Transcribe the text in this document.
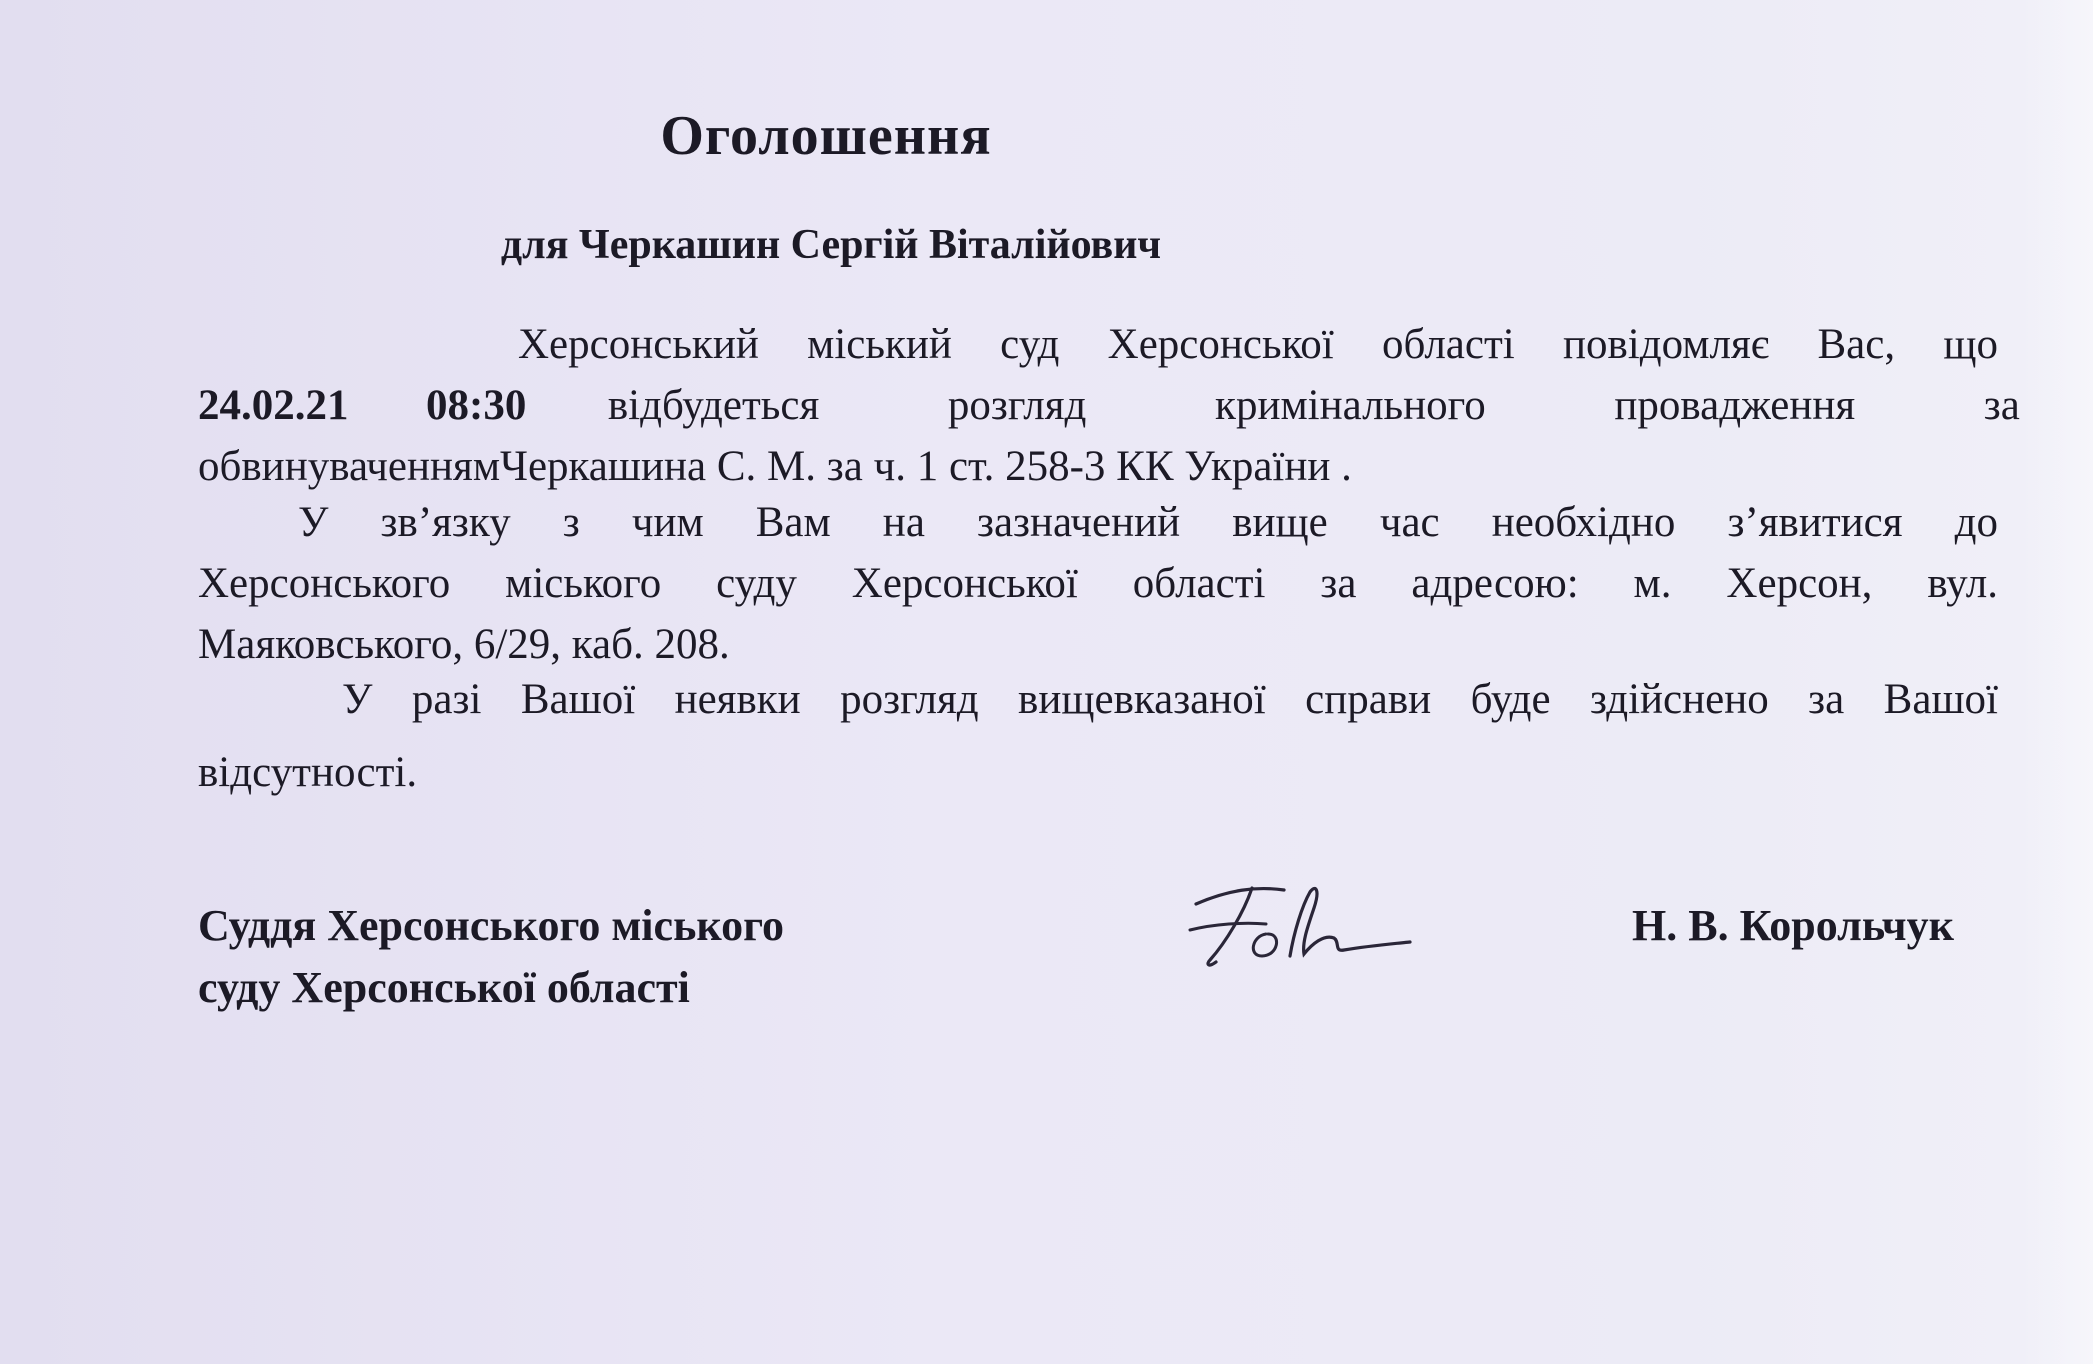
Оголошення
для Черкашин Сергій Віталійович
Херсонський міський суд Херсонської області повідомляє Вас, що
24.02.21 08:30 відбудеться розгляд кримінального провадження за
обвинуваченнямЧеркашина С. М. за ч. 1 ст. 258-3 КК України .
У зв’язку з чим Вам на зазначений вище час необхідно з’явитися до
Херсонського міського суду Херсонської області за адресою: м. Херсон, вул.
Маяковського, 6/29, каб. 208.
У разі Вашої неявки розгляд вищевказаної справи буде здійснено за Вашої
відсутності.
Суддя Херсонського міського
суду Херсонської області
Н. В. Корольчук
